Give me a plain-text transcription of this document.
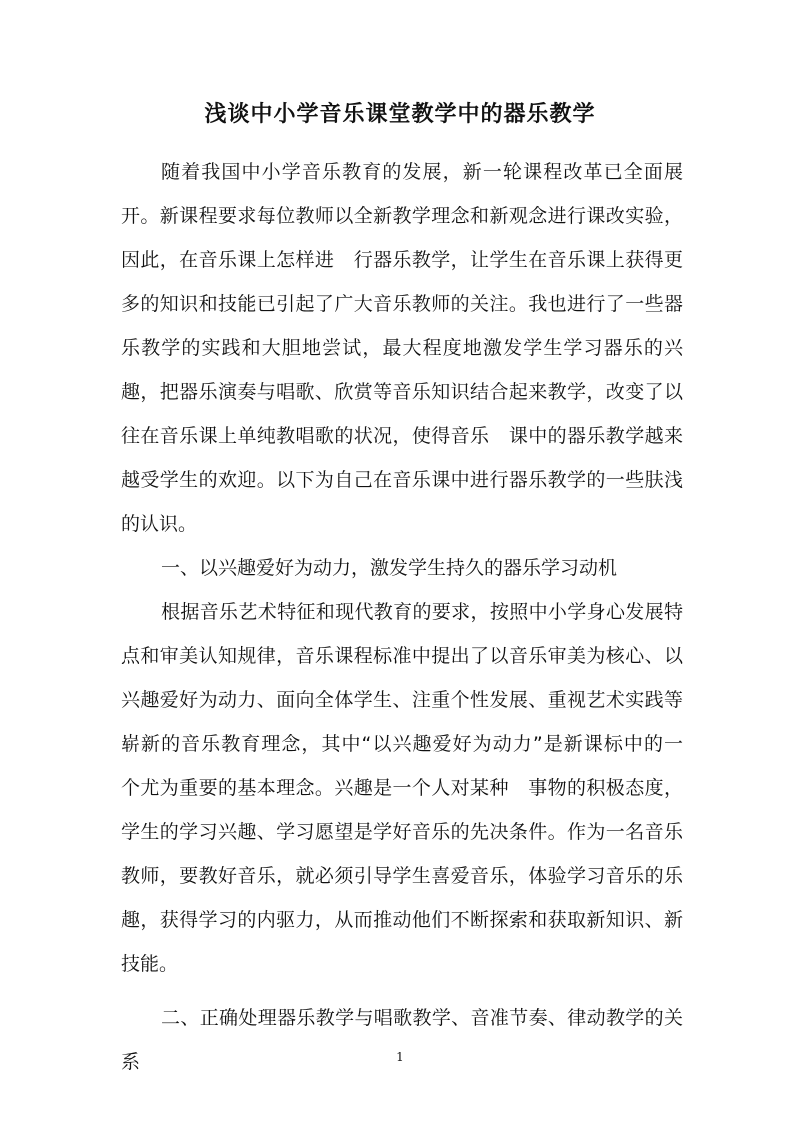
浅谈中小学音乐课堂教学中的器乐教学
随着我国中小学音乐教育的发展，新一轮课程改革已全面展
开。新课程要求每位教师以全新教学理念和新观念进行课改实验，
因此，在音乐课上怎样进　行器乐教学，让学生在音乐课上获得更
多的知识和技能已引起了广大音乐教师的关注。我也进行了一些器
乐教学的实践和大胆地尝试，最大程度地激发学生学习器乐的兴
趣，把器乐演奏与唱歌、欣赏等音乐知识结合起来教学，改变了以
往在音乐课上单纯教唱歌的状况，使得音乐　课中的器乐教学越来
越受学生的欢迎。以下为自己在音乐课中进行器乐教学的一些肤浅
的认识。
一、以兴趣爱好为动力，激发学生持久的器乐学习动机
根据音乐艺术特征和现代教育的要求，按照中小学身心发展特
点和审美认知规律，音乐课程标准中提出了以音乐审美为核心、以
兴趣爱好为动力、面向全体学生、注重个性发展、重视艺术实践等
崭新的音乐教育理念，其中“以兴趣爱好为动力”是新课标中的一
个尤为重要的基本理念。兴趣是一个人对某种　事物的积极态度，
学生的学习兴趣、学习愿望是学好音乐的先决条件。作为一名音乐
教师，要教好音乐，就必须引导学生喜爱音乐，体验学习音乐的乐
趣，获得学习的内驱力，从而推动他们不断探索和获取新知识、新
技能。
二、正确处理器乐教学与唱歌教学、音准节奏、律动教学的关
系	1
